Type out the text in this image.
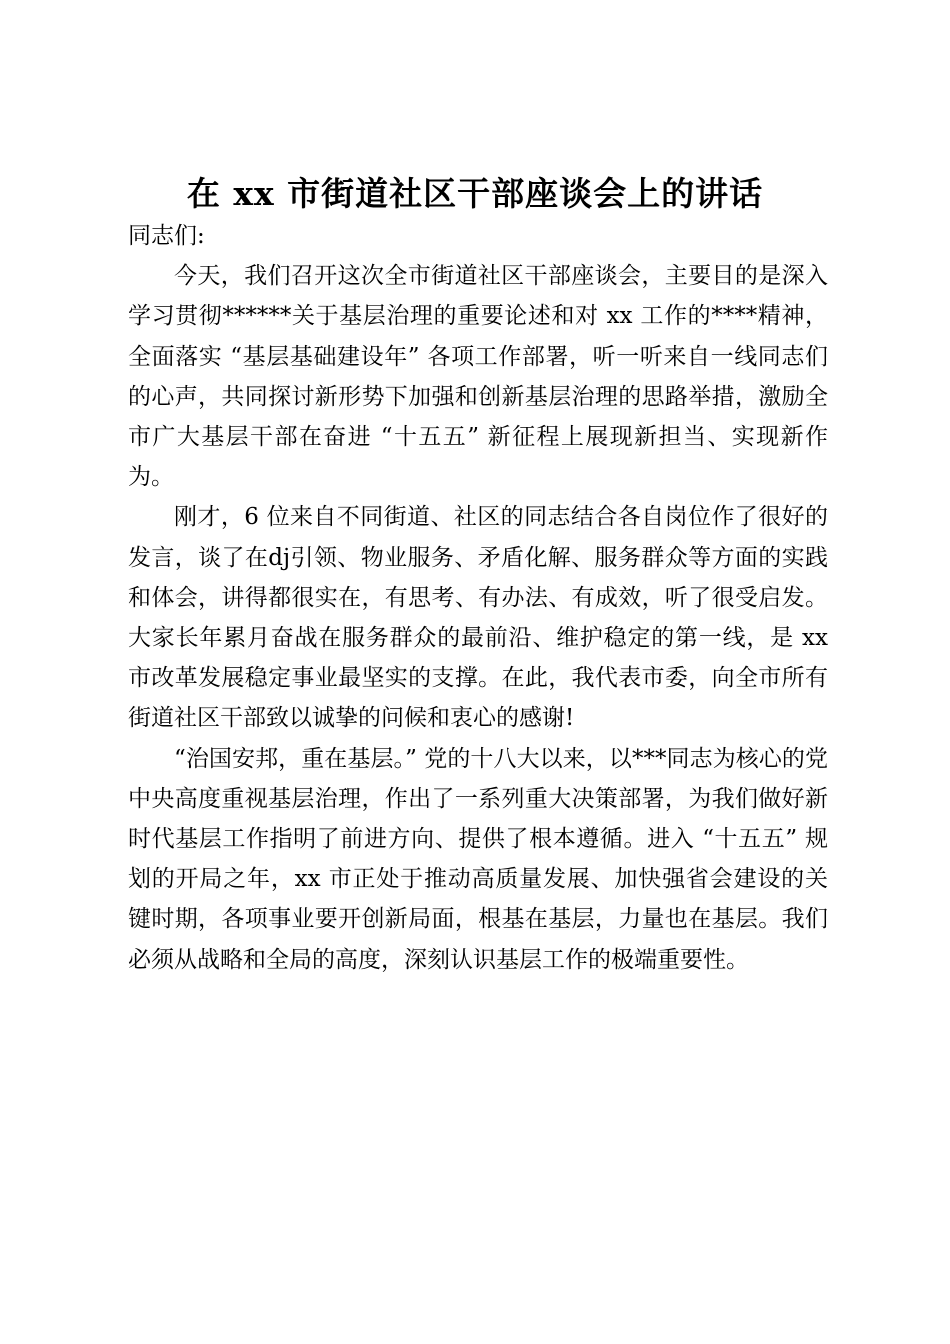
在 xx 市街道社区干部座谈会上的讲话

同志们:

今天，我们召开这次全市街道社区干部座谈会，主要目的是深入学习贯彻******关于基层治理的重要论述和对 xx 工作的****精神，全面落实 “基层基础建设年” 各项工作部署，听一听来自一线同志们的心声，共同探讨新形势下加强和创新基层治理的思路举措，激励全市广大基层干部在奋进 “十五五” 新征程上展现新担当、实现新作为。

刚才，6 位来自不同街道、社区的同志结合各自岗位作了很好的发言，谈了在dj引领、物业服务、矛盾化解、服务群众等方面的实践和体会，讲得都很实在，有思考、有办法、有成效，听了很受启发。大家长年累月奋战在服务群众的最前沿、维护稳定的第一线，是 xx 市改革发展稳定事业最坚实的支撑。在此，我代表市委，向全市所有街道社区干部致以诚挚的问候和衷心的感谢!

“治国安邦，重在基层。” 党的十八大以来，以***同志为核心的党中央高度重视基层治理，作出了一系列重大决策部署，为我们做好新时代基层工作指明了前进方向、提供了根本遵循。进入 “十五五” 规划的开局之年，xx 市正处于推动高质量发展、加快强省会建设的关键时期，各项事业要开创新局面，根基在基层，力量也在基层。我们必须从战略和全局的高度，深刻认识基层工作的极端重要性。
